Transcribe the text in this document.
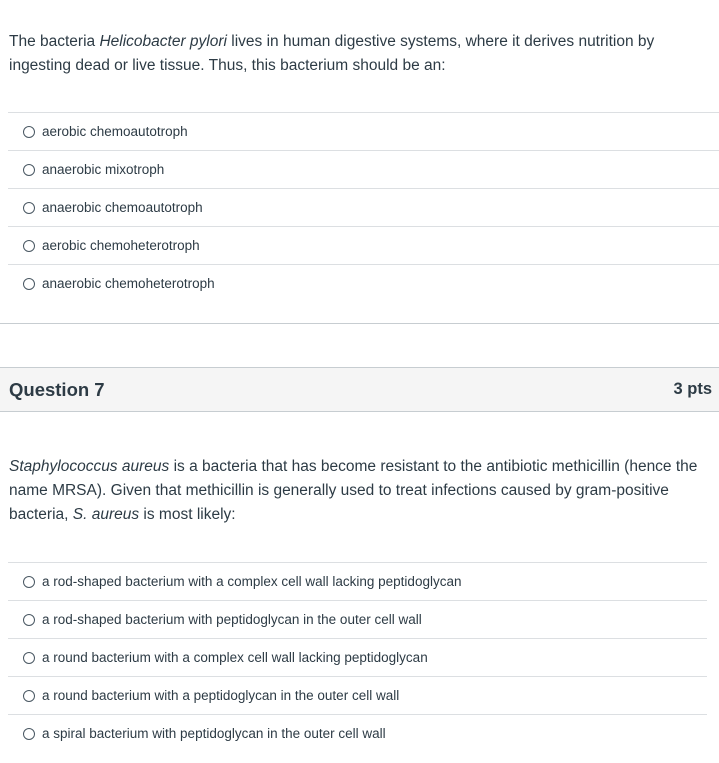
The bacteria Helicobacter pylori lives in human digestive systems, where it derives nutrition by ingesting dead or live tissue. Thus, this bacterium should be an:

aerobic chemoautotroph
anaerobic mixotroph
anaerobic chemoautotroph
aerobic chemoheterotroph
anaerobic chemoheterotroph
Question 7	3 pts

Staphylococcus aureus is a bacteria that has become resistant to the antibiotic methicillin (hence the name MRSA). Given that methicillin is generally used to treat infections caused by gram-positive bacteria, S. aureus is most likely:

a rod-shaped bacterium with a complex cell wall lacking peptidoglycan
a rod-shaped bacterium with peptidoglycan in the outer cell wall
a round bacterium with a complex cell wall lacking peptidoglycan
a round bacterium with a peptidoglycan in the outer cell wall
a spiral bacterium with peptidoglycan in the outer cell wall
